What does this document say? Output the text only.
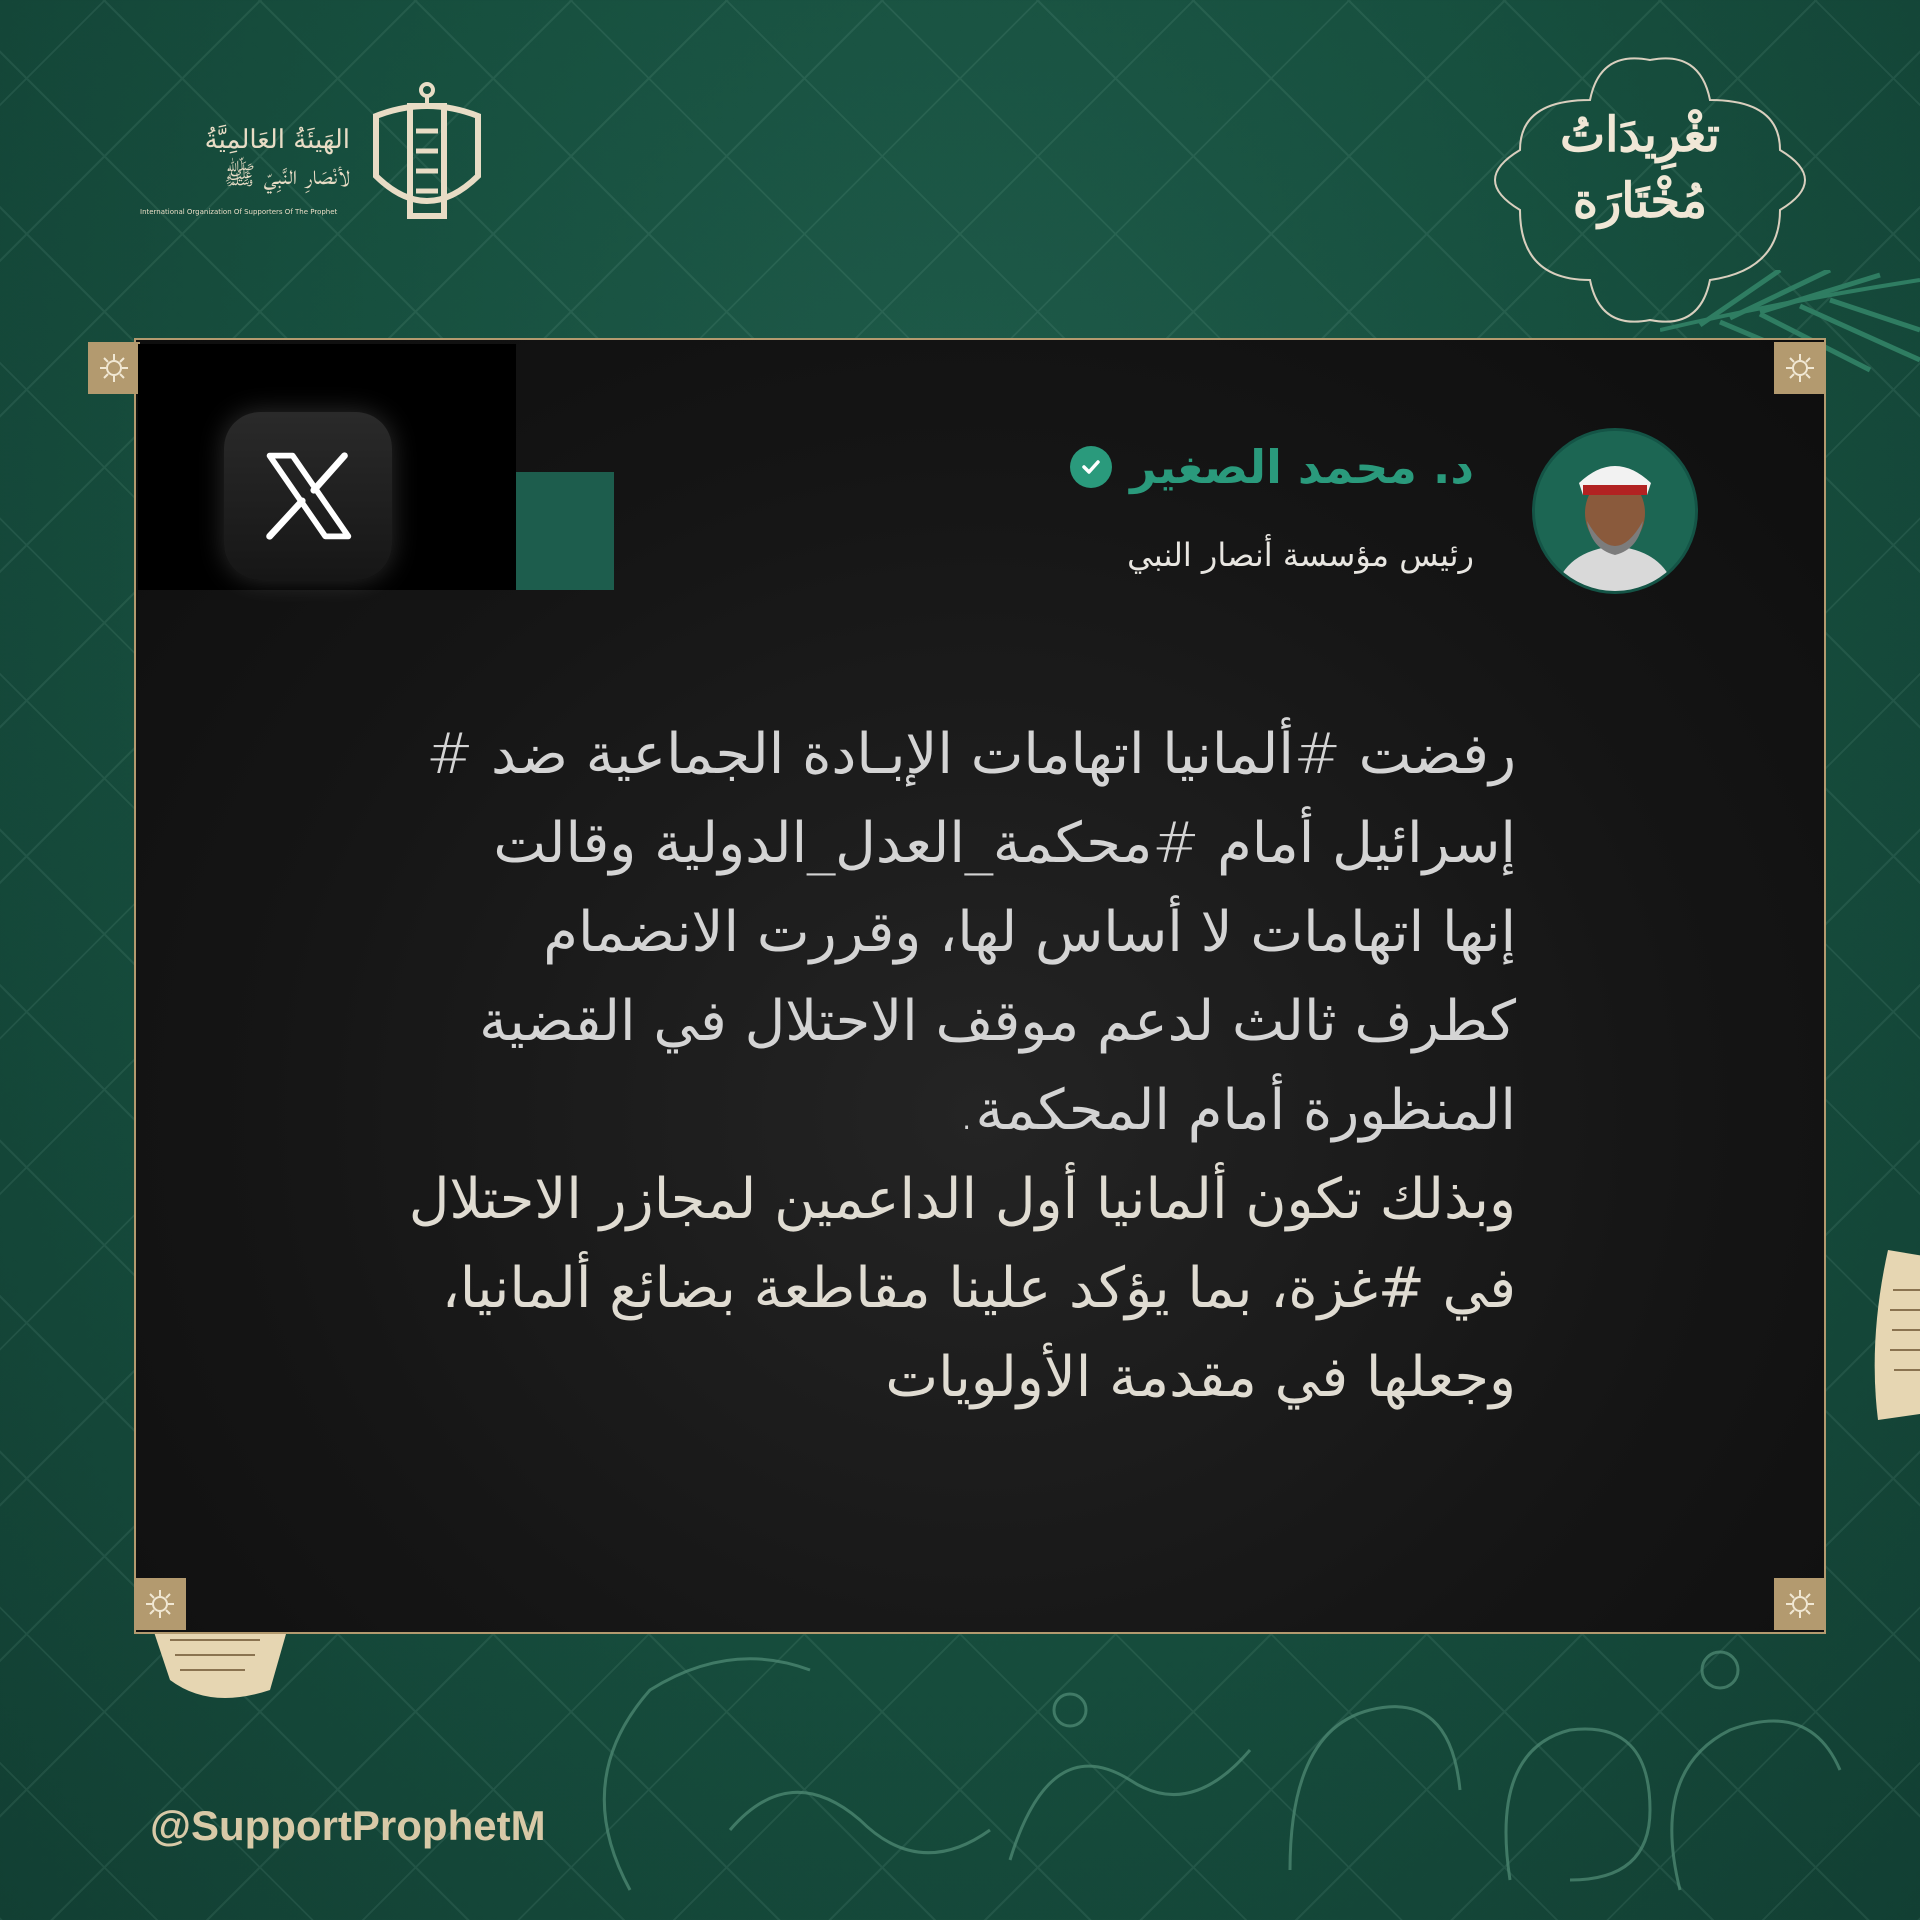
الهَيئَةُ العَالمِيَّةُ
لأنْصَارِ النَّبِيّ ﷺ
International Organization Of Supporters Of The Prophet
تغْرِيدَاتُ
مُخْتَارَة
د. محمد الصغير
رئيس مؤسسة أنصار النبي

رفضت #ألمانيا اتهامات الإبـادة الجماعية ضد #
إسرائيل أمام #محكمة_العدل_الدولية وقالت
إنها اتهامات لا أساس لها، وقررت الانضمام
كطرف ثالث لدعم موقف الاحتلال في القضية
المنظورة أمام المحكمة.

وبذلك تكون ألمانيا أول الداعمين لمجازر الاحتلال
في #غزة، بما يؤكد علينا مقاطعة بضائع ألمانيا،
وجعلها في مقدمة الأولويات

@SupportProphetM
